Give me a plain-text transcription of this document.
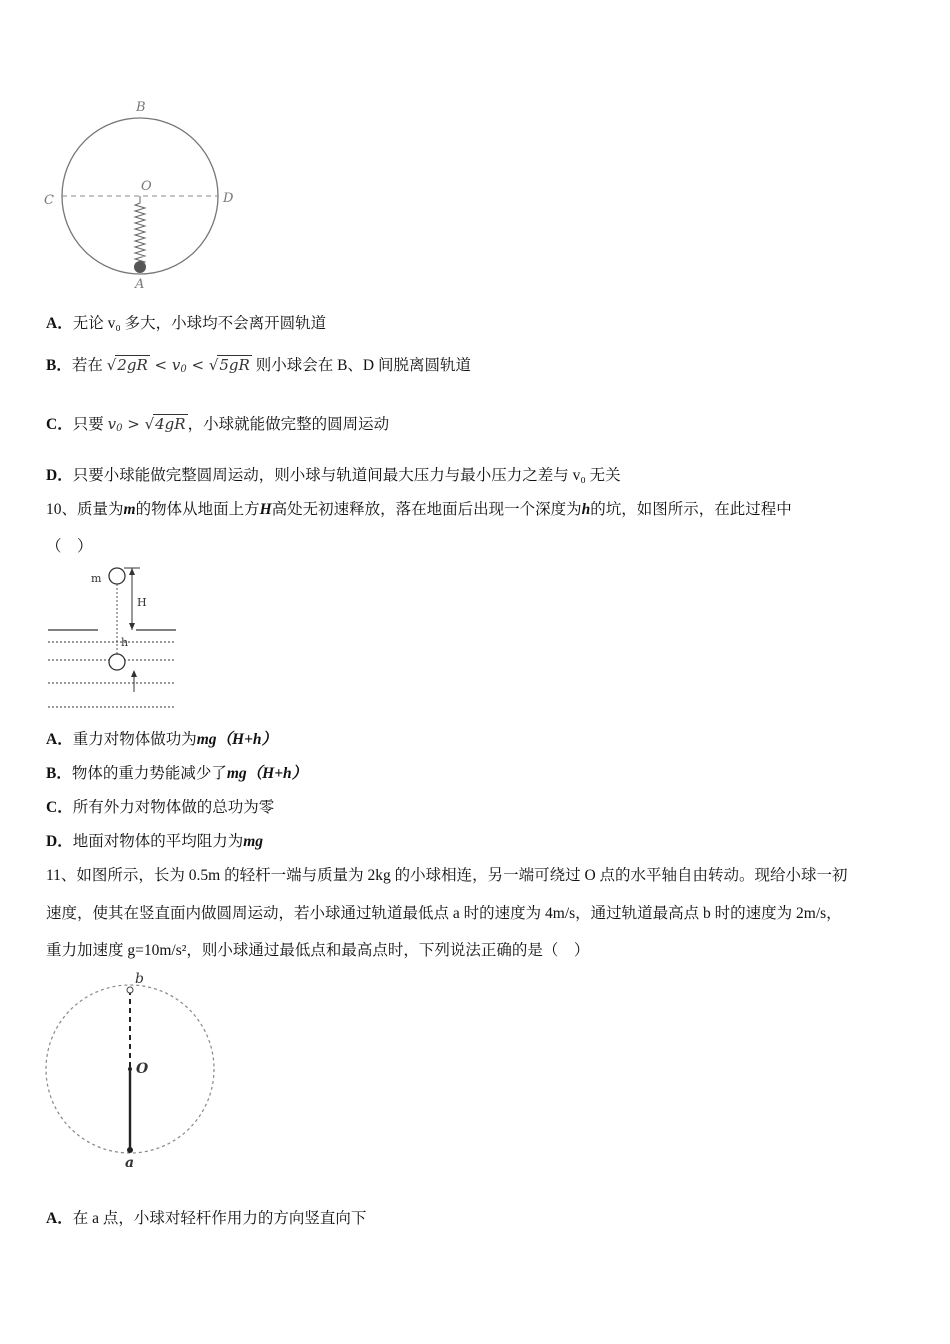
B
O
C	D
A
A．无论 v₀ 多大，小球均不会离开圆轨道
B．若在 $√2gR < v_0 < √5gR$ 则小球会在 B、D 间脱离圆轨道
C．只要 $v_0 > √4gR$ ，小球就能做完整的圆周运动
D．只要小球能做完整圆周运动，则小球与轨道间最大压力与最小压力之差与 v₀ 无关
10、质量为m的物体从地面上方H高处无初速释放，落在地面后出现一个深度为h的坑，如图所示，在此过程中
（　）
m
H
h
A．重力对物体做功为mg（H+h）
B．物体的重力势能减少了mg（H+h）
C．所有外力对物体做的总功为零
D．地面对物体的平均阻力为mg
11、如图所示，长为 0.5m 的轻杆一端与质量为 2kg 的小球相连，另一端可绕过 O 点的水平轴自由转动。现给小球一初
速度，使其在竖直面内做圆周运动，若小球通过轨道最低点 a 时的速度为 4m/s，通过轨道最高点 b 时的速度为 2m/s，
重力加速度 g=10m/s²，则小球通过最低点和最高点时，下列说法正确的是（　）
b
O
a
A．在 a 点，小球对轻杆作用力的方向竖直向下
